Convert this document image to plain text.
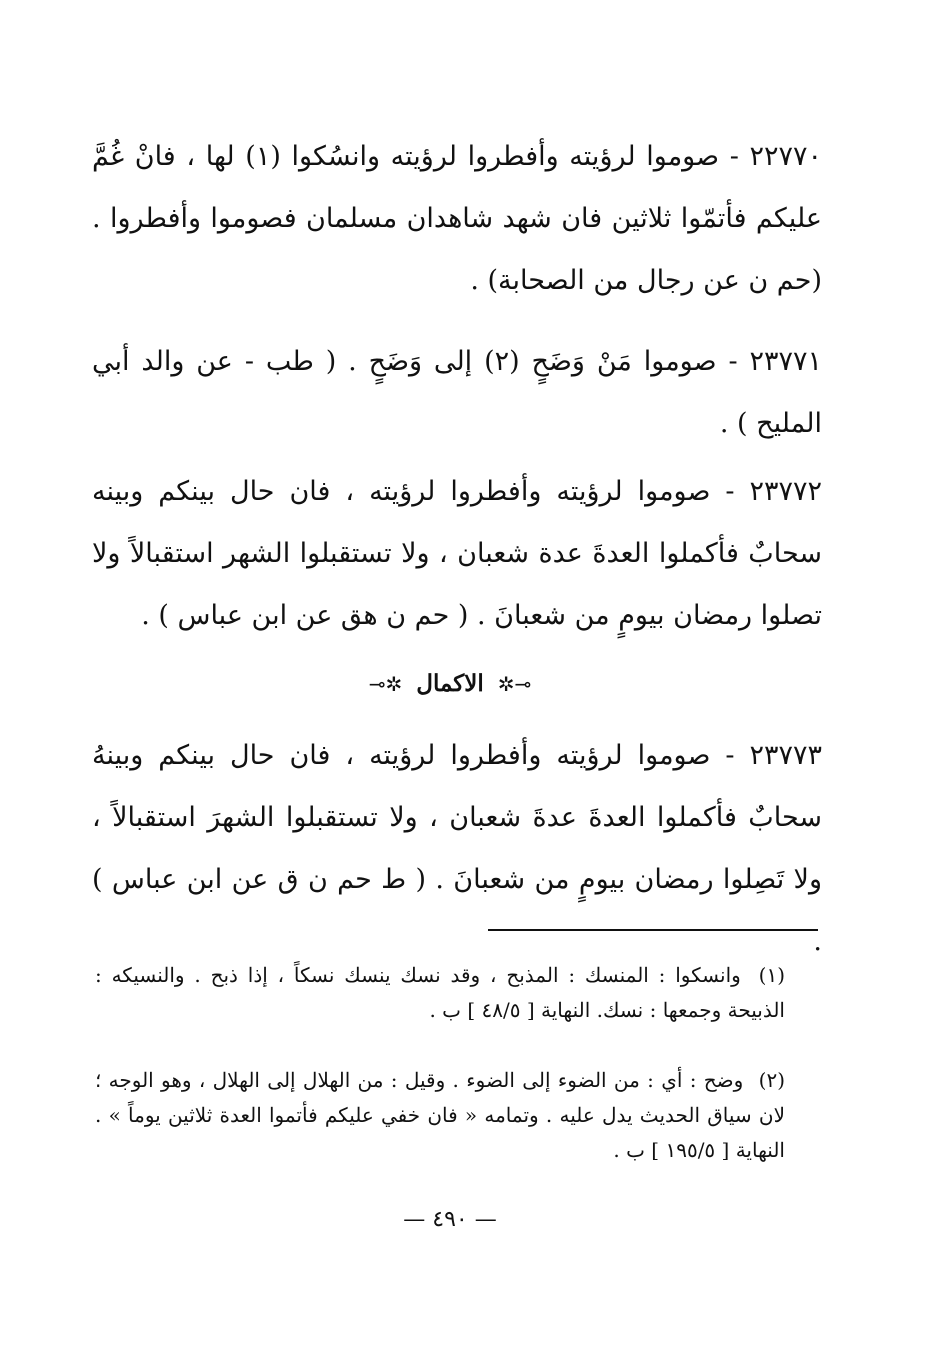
٢٢٧٧٠ - صوموا لرؤيته وأفطروا لرؤيته وانسُكوا (١) لها ، فانْ غُمَّ عليكم فأتمّوا ثلاثين فان شهد شاهدان مسلمان فصوموا وأفطروا . (حم ن عن رجال من الصحابة) .
٢٣٧٧١ - صوموا مَنْ وَضَحٍ (٢) إلى وَضَحٍ . ( طب - عن والد أبي المليح ) .
٢٣٧٧٢ - صوموا لرؤيته وأفطروا لرؤيته ، فان حال بينكم وبينه سحابٌ فأكملوا العدةَ عدة شعبان ، ولا تستقبلوا الشهر استقبالاً ولا تصلوا رمضان بيومٍ من شعبانَ . ( حم ن هق عن ابن عباس ) .
⊸✲ الاكمال ✲⟜
٢٣٧٧٣ - صوموا لرؤيته وأفطروا لرؤيته ، فان حال بينكم وبينهُ سحابٌ فأكملوا العدةَ عدةَ شعبان ، ولا تستقبلوا الشهرَ استقبالاً ، ولا تَصِلوا رمضان بيومٍ من شعبانَ . ( ط حم ن ق عن ابن عباس ) .
(١) وانسكوا : المنسك : المذبح ، وقد نسك ينسك نسكاً ، إذا ذبح . والنسيكه : الذبيحة وجمعها : نسك. النهاية [ ٤٨/٥ ] ب .
(٢) وضح : أي : من الضوء إلى الضوء . وقيل : من الهلال إلى الهلال ، وهو الوجه ؛ لان سياق الحديث يدل عليه . وتمامه « فان خفي عليكم فأتموا العدة ثلاثين يوماً » . النهاية [ ١٩٥/٥ ] ب .
— ٤٩٠ —
